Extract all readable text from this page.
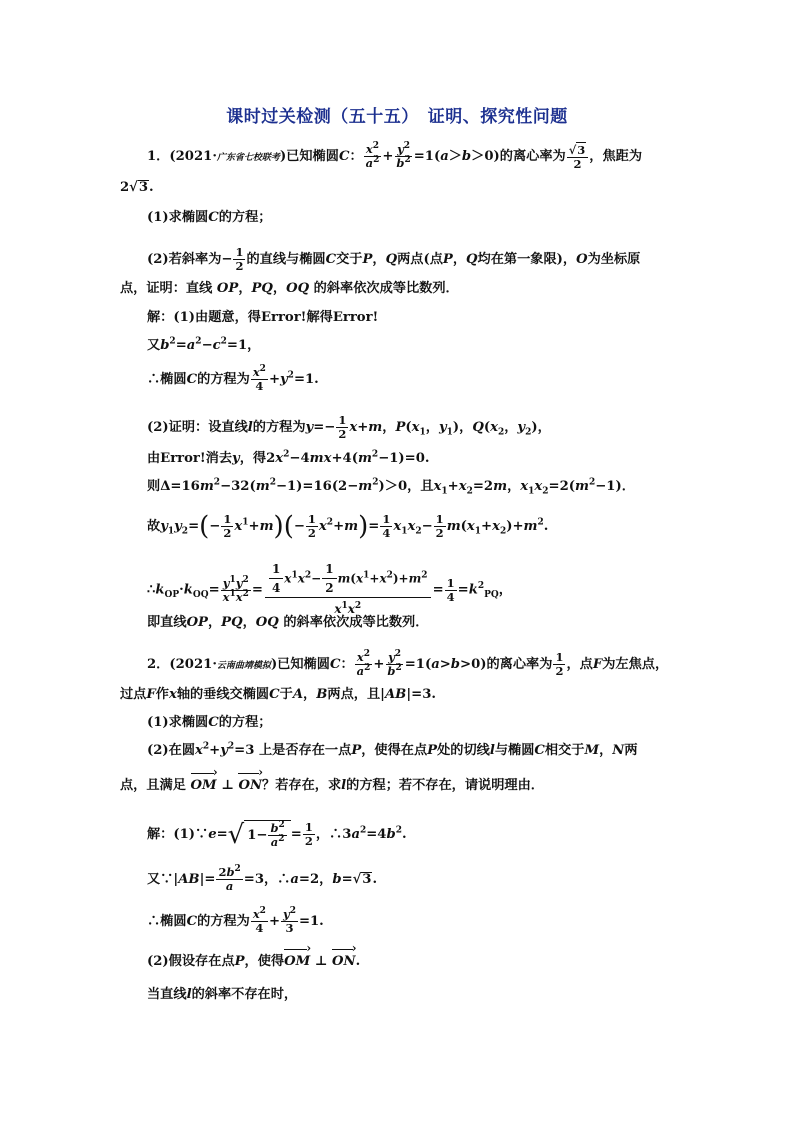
课时过关检测（五十五）　证明、探究性问题
1．(2021·广东省七校联考)已知椭圆C： $\frac{x^2}{a^2} + \frac{y^2}{b^2} =1(a>b>0)$的离心率为 $\frac{√3}{2}$ ，焦距为
2√3.
(1)求椭圆C的方程；
(2)若斜率为− $\frac{1}{2}$ 的直线与椭圆C交于P，Q两点(点P，Q均在第一象限)，O为坐标原
点，证明：直线 OP，PQ，OQ 的斜率依次成等比数列．
解：(1)由题意，得Error!解得Error!
又$b^2=a^2-c^2=1$，
∴椭圆C的方程为 $\frac{x^2}{4} +y^2=1$.
(2)证明：设直线l的方程为$y=- \frac{1}{2} x+m$，$P(x_1$，$y_1$)，$Q(x_2$，$y_2$)，
由Error!消去y，得$2x^2-4mx+4(m^2-1)=0$.
则$\Delta=16m^2-32(m^2-1)=16(2-m^2)>0$，且$x_1+x_2=2m$，$x_1x_2=2(m^2-1)$．
故$y_1y_2=(- \frac{1}{2} x^1+m)(- \frac{1}{2} x^2+m)= \frac{1}{4} x_1x_2- \frac{1}{2} m(x_1+x_2)+m^2$.
$\therefore k_{OP}\cdot k_{OQ}= \frac{y^1y^2}{x^1x^2} = \frac{\frac{1}{4} x^1x^2- \frac{1}{2} m(x^1+x^2)+m^2}{x^1x^2} = \frac{1}{4} =k^2_{PQ}$，
即直线OP，PQ，OQ 的斜率依次成等比数列．
2．(2021·云南曲靖模拟)已知椭圆C： $\frac{x^2}{a^2} + \frac{y^2}{b^2} =1(a>b>0)$的离心率为 $\frac{1}{2}$ ，点F为左焦点，
过点F作x轴的垂线交椭圆C于A，B两点，且|AB|=3.
(1)求椭圆C的方程；
(2)在圆$x^2+y^2=3$ 上是否存在一点P，使得在点P处的切线l与椭圆C相交于M，N两
点，且满足 OM › ⊥ ON ›？若存在，求l的方程；若不存在，请说明理由．
解：(1)∵e= √ $1- \frac{b^2}{a^2} = \frac{1}{2}$ ，$\therefore 3a^2=4b^2$.
又∵|AB|= $\frac{2b^2}{a} =3$，∴a=2，b=√3.
∴椭圆C的方程为 $\frac{x^2}{4} + \frac{y^2}{3} =1$.
(2)假设存在点P，使得OM › ⊥ ON ›.
当直线l的斜率不存在时，
